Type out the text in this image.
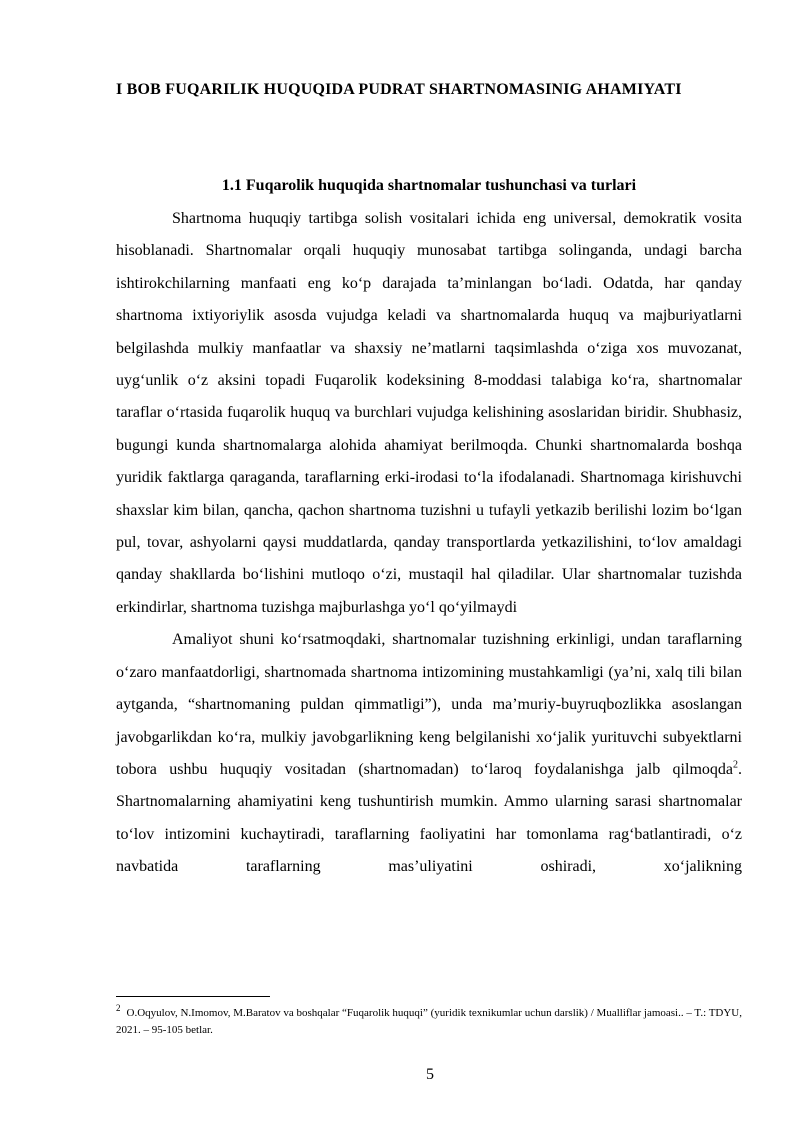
I BOB FUQARILIK HUQUQIDA PUDRAT SHARTNOMASINIG AHAMIYATI
1.1 Fuqarolik huquqida shartnomalar tushunchasi va turlari

Shartnoma huquqiy tartibga solish vositalari ichida eng universal, demokratik vosita hisoblanadi. Shartnomalar orqali huquqiy munosabat tartibga solinganda, undagi barcha ishtirokchilarning manfaati eng ko‘p darajada ta’minlangan bo‘ladi. Odatda, har qanday shartnoma ixtiyoriylik asosda vujudga keladi va shartnomalarda huquq va majburiyatlarni belgilashda mulkiy manfaatlar va shaxsiy ne’matlarni taqsimlashda o‘ziga xos muvozanat, uyg‘unlik o‘z aksini topadi Fuqarolik kodeksining 8-moddasi talabiga ko‘ra, shartnomalar taraflar o‘rtasida fuqarolik huquq va burchlari vujudga kelishining asoslaridan biridir. Shubhasiz, bugungi kunda shartnomalarga alohida ahamiyat berilmoqda. Chunki shartnomalarda boshqa yuridik faktlarga qaraganda, taraflarning erki-irodasi to‘la ifodalanadi. Shartnomaga kirishuvchi shaxslar kim bilan, qancha, qachon shartnoma tuzishni u tufayli yetkazib berilishi lozim bo‘lgan pul, tovar, ashyolarni qaysi muddatlarda, qanday transportlarda yetkazilishini, to‘lov amaldagi qanday shakllarda bo‘lishini mutloqo o‘zi, mustaqil hal qiladilar. Ular shartnomalar tuzishda erkindirlar, shartnoma tuzishga majburlashga yo‘l qo‘yilmaydi

Amaliyot shuni ko‘rsatmoqdaki, shartnomalar tuzishning erkinligi, undan taraflarning o‘zaro manfaatdorligi, shartnomada shartnoma intizomining mustahkamligi (ya’ni, xalq tili bilan aytganda, “shartnomaning puldan qimmatligi”), unda ma’muriy-buyruqbozlikka asoslangan javobgarlikdan ko‘ra, mulkiy javobgarlikning keng belgilanishi xo‘jalik yurituvchi subyektlarni tobora ushbu huquqiy vositadan (shartnomadan) to‘laroq foydalanishga jalb qilmoqda$^2$. Shartnomalarning ahamiyatini keng tushuntirish mumkin. Ammo ularning sarasi shartnomalar to‘lov intizomini kuchaytiradi, taraflarning faoliyatini har tomonlama rag‘batlantiradi, o‘z navbatida taraflarning mas’uliyatini oshiradi, xo‘jalikning

$^2$ O.Oqyulov, N.Imomov, M.Baratov va boshqalar “Fuqarolik huquqi” (yuridik texnikumlar uchun darslik) / Mualliflar jamoasi.. – T.: TDYU, 2021. – 95-105 betlar.

5
